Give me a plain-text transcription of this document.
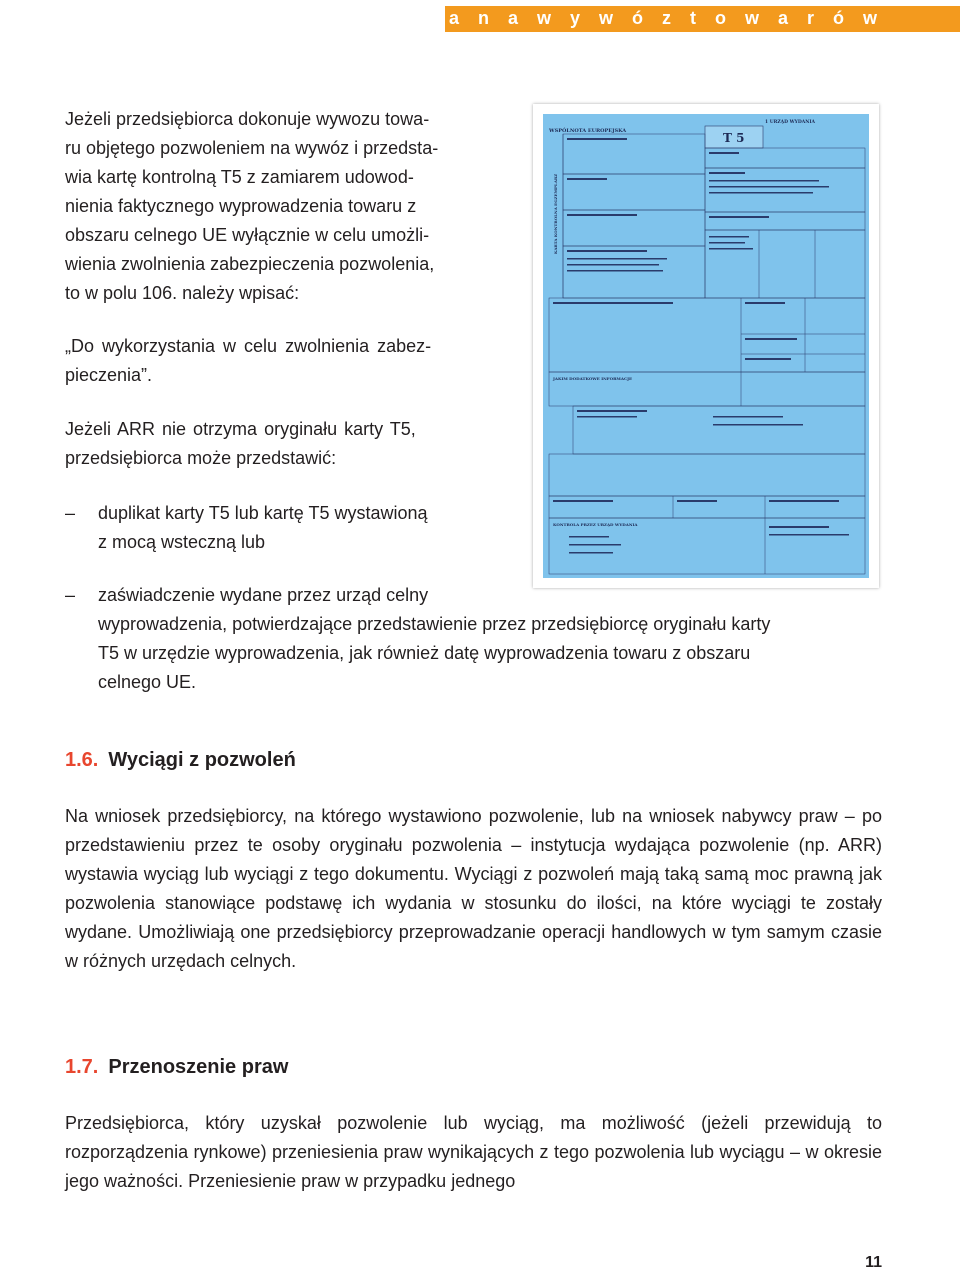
P o z w o l e n i a n a w y w ó z t o w a r ó w
Jeżeli przedsiębiorca dokonuje wywozu towa-
ru objętego pozwoleniem na wywóz i przedsta-
wia kartę kontrolną T5 z zamiarem udowod-
nienia faktycznego wyprowadzenia towaru z
obszaru celnego UE wyłącznie w celu umożli-
wienia zwolnienia zabezpieczenia pozwolenia,
to w polu 106. należy wpisać:
„Do wykorzystania w celu zwolnienia zabez-
pieczenia”.
Jeżeli ARR nie otrzyma oryginału karty T5,
przedsiębiorca może przedstawić:
– duplikat karty T5 lub kartę T5 wystawioną
z mocą wsteczną lub
– zaświadczenie wydane przez urząd celny
wyprowadzenia, potwierdzające przedstawienie przez przedsiębiorcę oryginału karty
T5 w urzędzie wyprowadzenia, jak również datę wyprowadzenia towaru z obszaru
celnego UE.
1.6. Wyciągi z pozwoleń

Na wniosek przedsiębiorcy, na którego wystawiono pozwolenie, lub na wniosek nabywcy praw – po przedstawieniu przez te osoby oryginału pozwolenia – instytucja wydająca pozwolenie (np. ARR) wystawia wyciąg lub wyciągi z tego dokumentu. Wyciągi z pozwoleń mają taką samą moc prawną jak pozwolenia stanowiące podstawę ich wydania w stosunku do ilości, na które wyciągi te zostały wydane. Umożliwiają one przedsiębiorcy przeprowadzanie operacji handlowych w tym samym czasie w różnych urzędach celnych.

1.7. Przenoszenie praw

Przedsiębiorca, który uzyskał pozwolenie lub wyciąg, ma możliwość (jeżeli przewidują to rozporządzenia rynkowe) przeniesienia praw wynikających z tego pozwolenia lub wyciągu – w okresie jego ważności. Przeniesienie praw w przypadku jednego

11
WSPÓLNOTA EUROPEJSKA
1 URZĄD WYDANIA
T 5
KARTA KONTROLNA EGZEMPLARZ
JAKIM DODATKOWE INFORMACJE
KONTROLA PRZEZ URZĄD WYDANIA
